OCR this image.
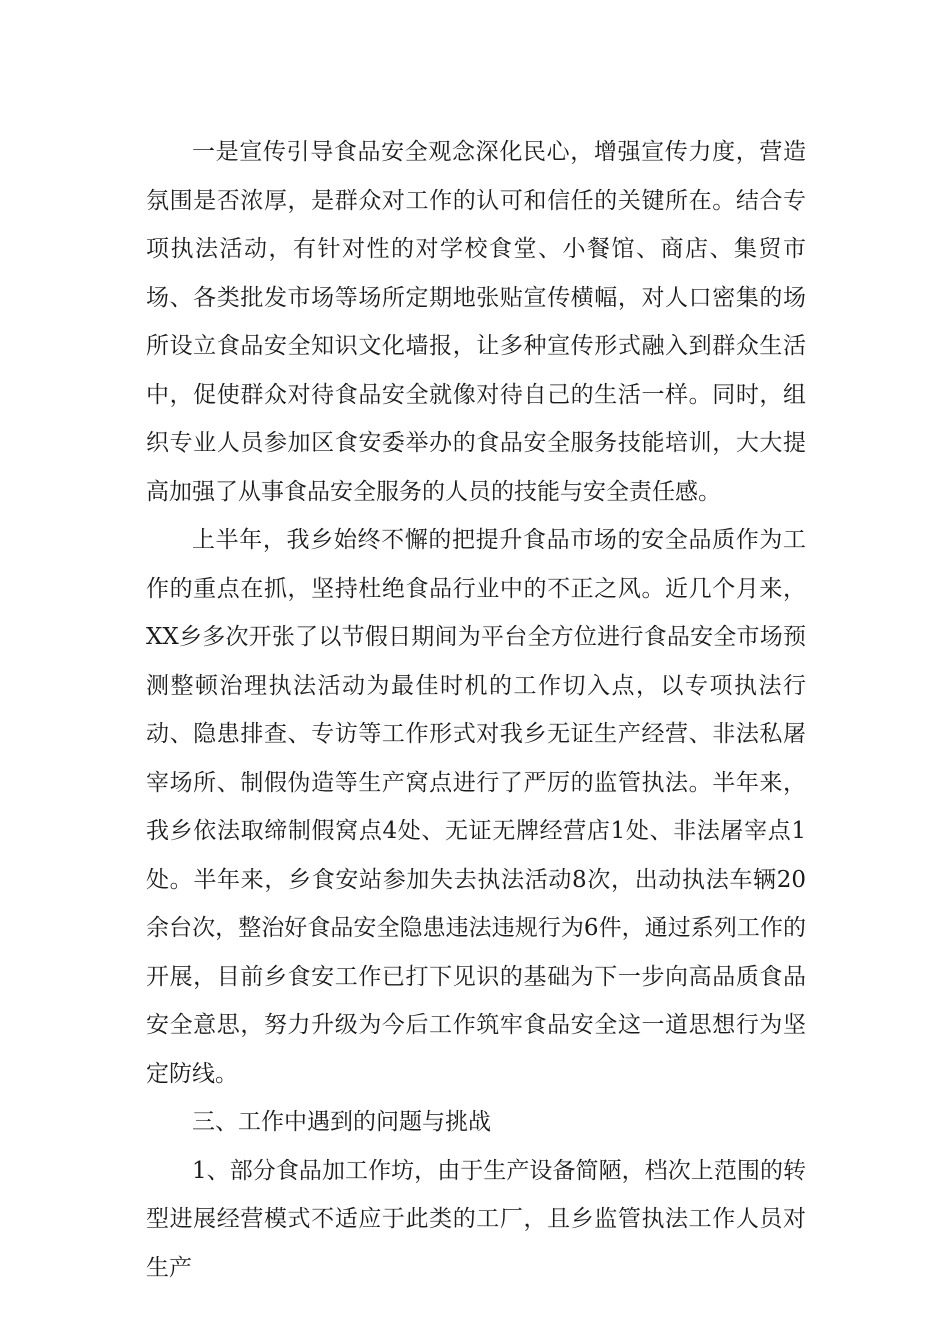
一是宣传引导食品安全观念深化民心，增强宣传力度，营造氛围是否浓厚，是群众对工作的认可和信任的关键所在。结合专项执法活动，有针对性的对学校食堂、小餐馆、商店、集贸市场、各类批发市场等场所定期地张贴宣传横幅，对人口密集的场所设立食品安全知识文化墙报，让多种宣传形式融入到群众生活中，促使群众对待食品安全就像对待自己的生活一样。同时，组织专业人员参加区食安委举办的食品安全服务技能培训，大大提高加强了从事食品安全服务的人员的技能与安全责任感。

上半年，我乡始终不懈的把提升食品市场的安全品质作为工作的重点在抓，坚持杜绝食品行业中的不正之风。近几个月来，XX乡多次开张了以节假日期间为平台全方位进行食品安全市场预测整顿治理执法活动为最佳时机的工作切入点，以专项执法行动、隐患排查、专访等工作形式对我乡无证生产经营、非法私屠宰场所、制假伪造等生产窝点进行了严厉的监管执法。半年来，我乡依法取缔制假窝点4处、无证无牌经营店1处、非法屠宰点1处。半年来，乡食安站参加失去执法活动8次，出动执法车辆20余台次，整治好食品安全隐患违法违规行为6件，通过系列工作的开展，目前乡食安工作已打下见识的基础为下一步向高品质食品安全意思，努力升级为今后工作筑牢食品安全这一道思想行为坚定防线。

三、工作中遇到的问题与挑战

1、部分食品加工作坊，由于生产设备简陋，档次上范围的转型进展经营模式不适应于此类的工厂，且乡监管执法工作人员对生产
